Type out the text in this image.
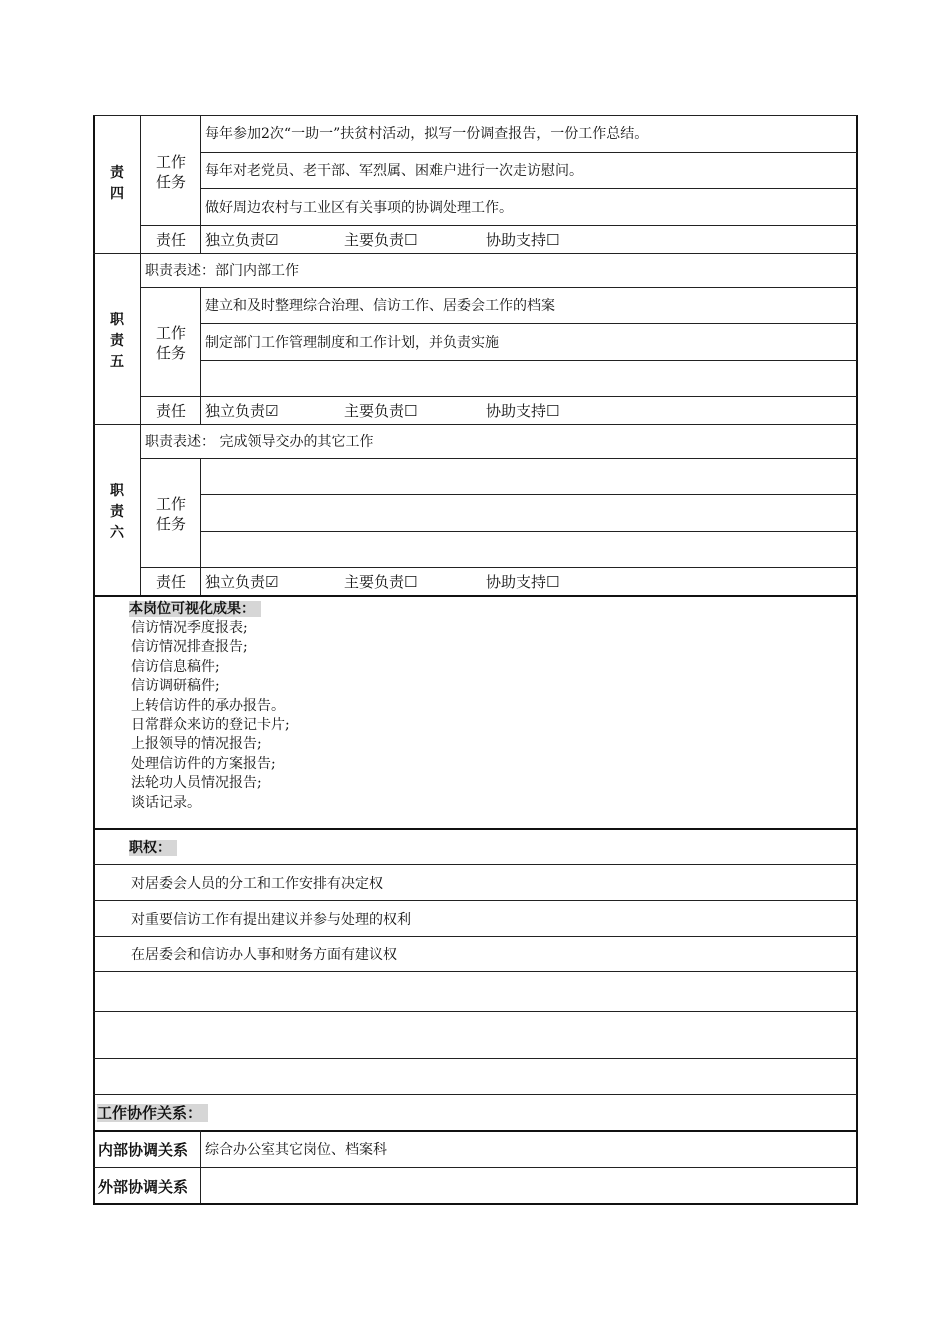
责
四
工作
任务
每年参加2次“一助一”扶贫村活动，拟写一份调查报告，一份工作总结。
每年对老党员、老干部、军烈属、困难户进行一次走访慰问。
做好周边农村与工业区有关事项的协调处理工作。
责任 独立负责☑	主要负责☐	协助支持☐
职
责
五
职责表述：部门内部工作
工作
任务
建立和及时整理综合治理、信访工作、居委会工作的档案
制定部门工作管理制度和工作计划，并负责实施
责任 独立负责☑	主要负责☐	协助支持☐
职
责
六
职责表述： 完成领导交办的其它工作
工作
任务
责任 独立负责☑	主要负责☐	协助支持☐
本岗位可视化成果：
信访情况季度报表;
信访情况排查报告;
信访信息稿件;
信访调研稿件;
上转信访件的承办报告。
日常群众来访的登记卡片;
上报领导的情况报告;
处理信访件的方案报告;
法轮功人员情况报告;
谈话记录。
职权：
对居委会人员的分工和工作安排有决定权
对重要信访工作有提出建议并参与处理的权利
在居委会和信访办人事和财务方面有建议权
工作协作关系：
内部协调关系 综合办公室其它岗位、档案科
外部协调关系
